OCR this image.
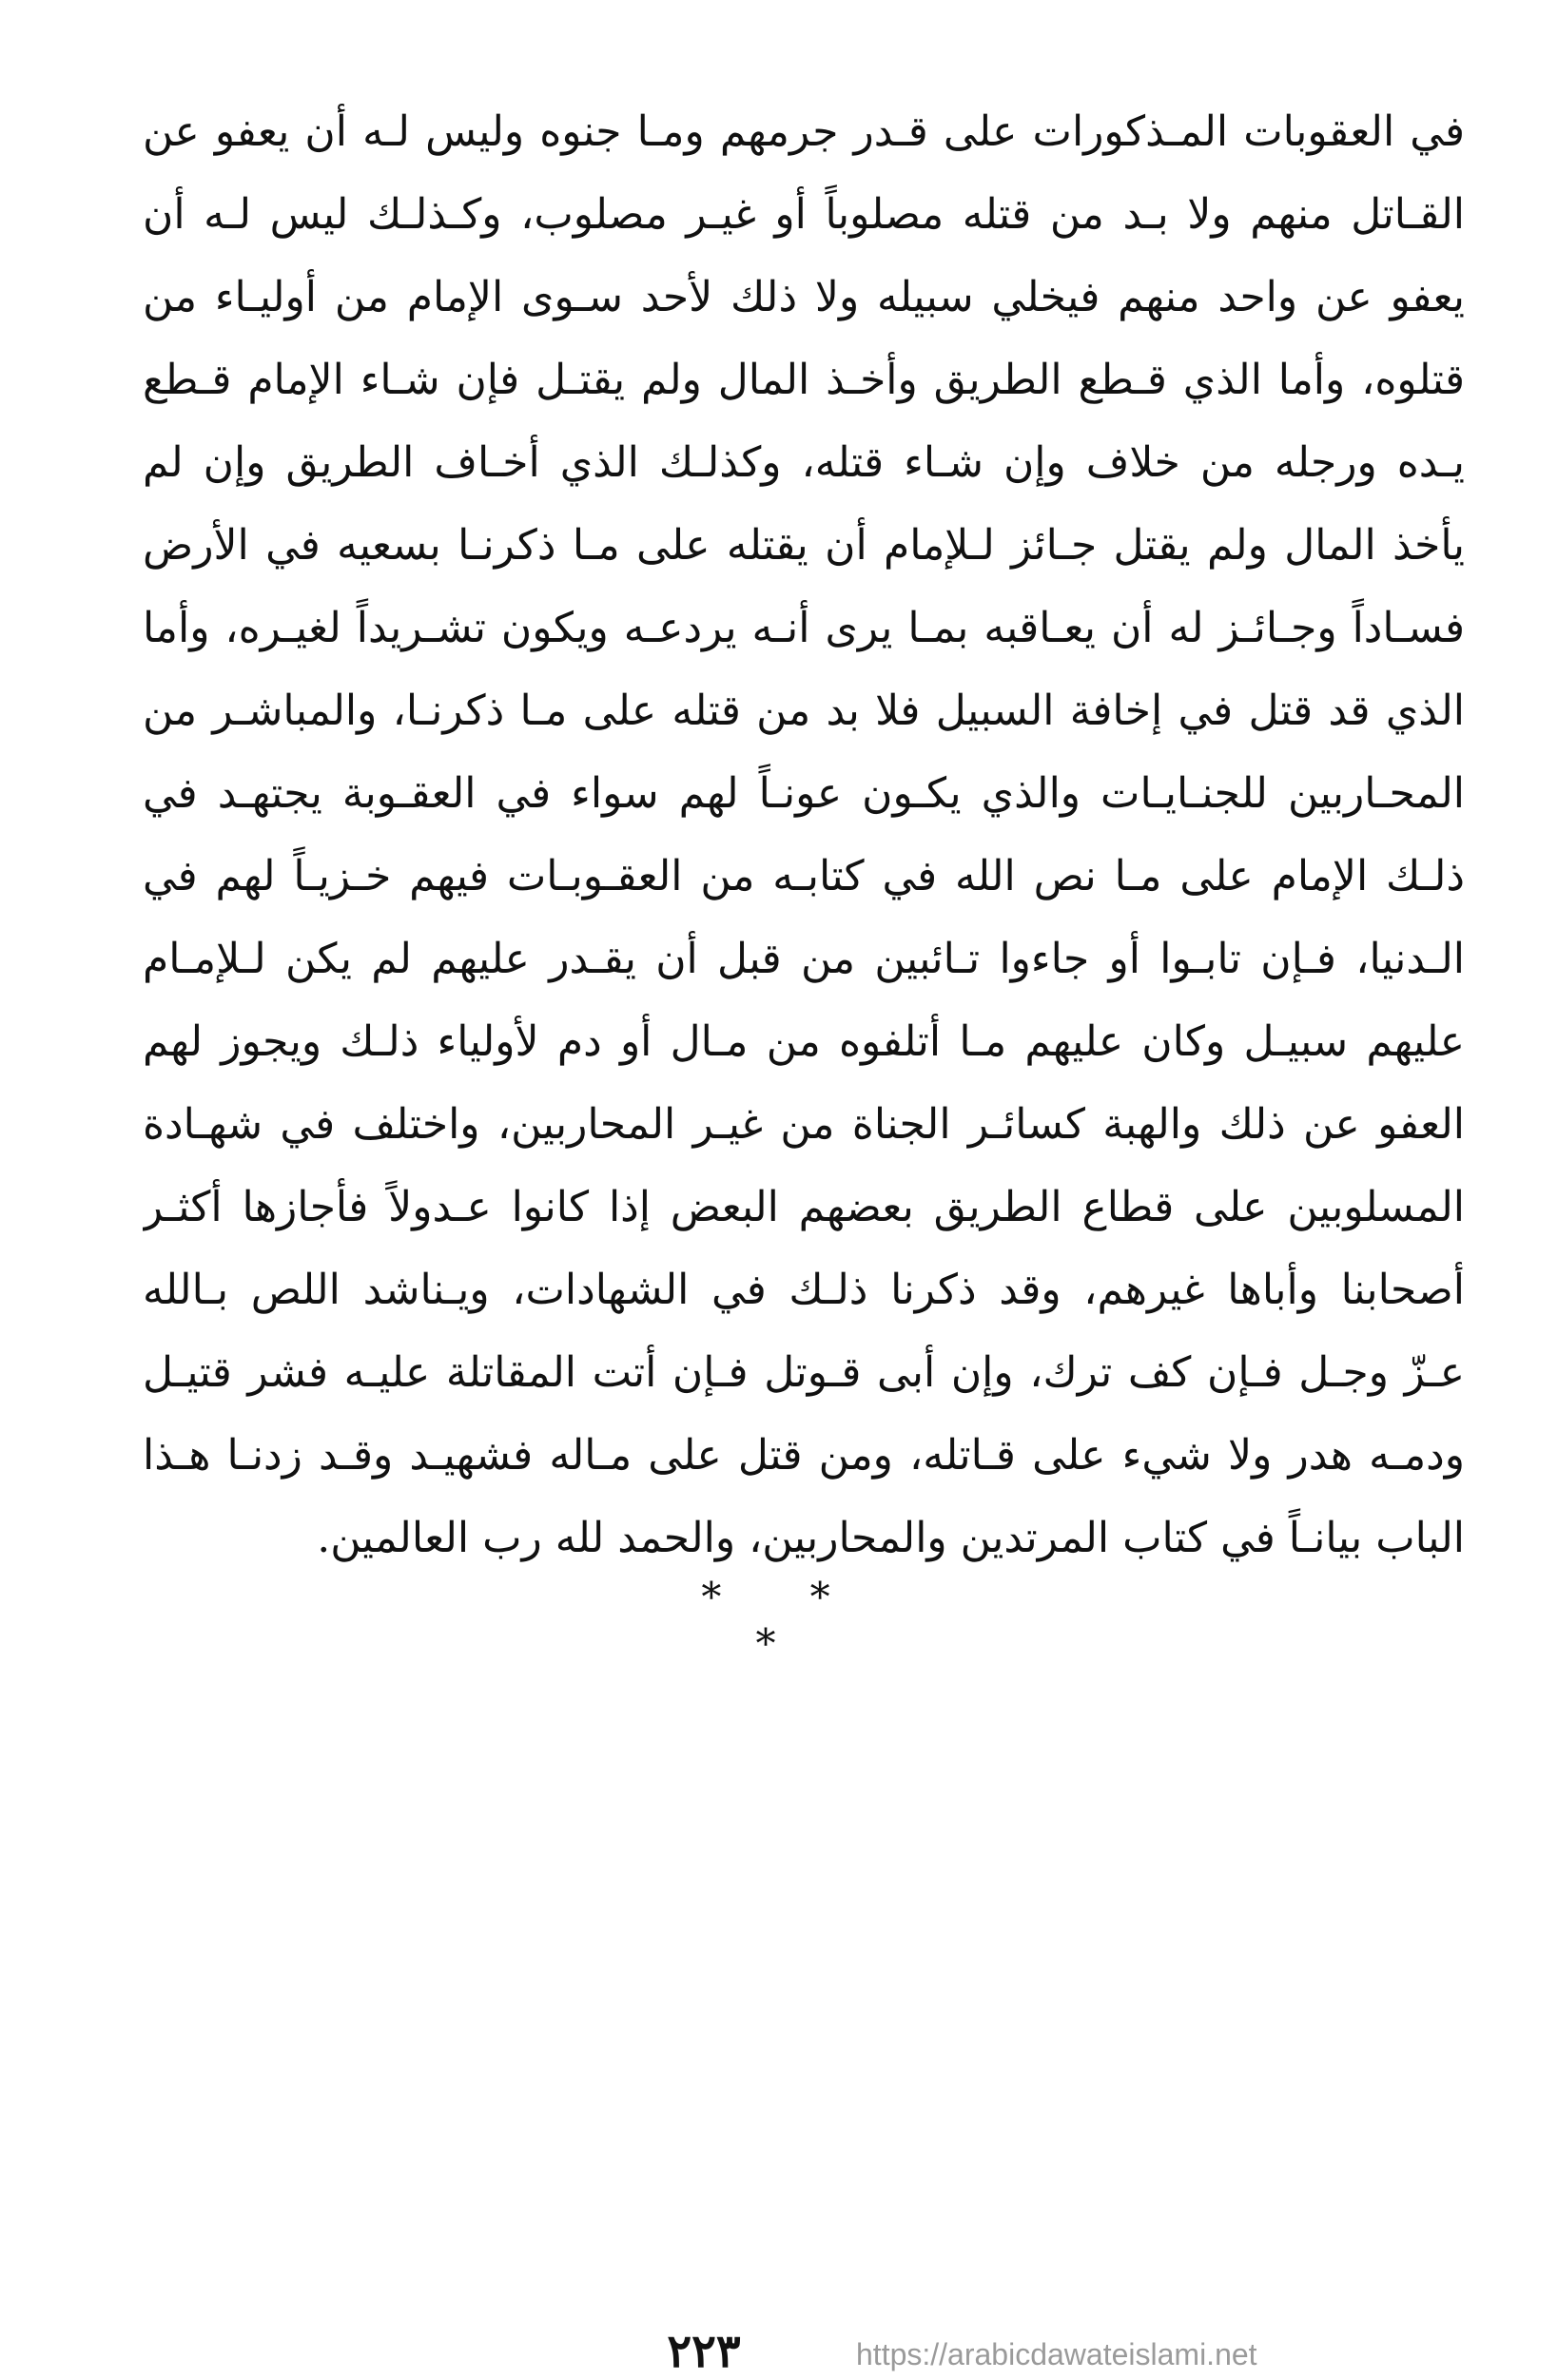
في العقوبات المـذكورات على قـدر جرمهم ومـا جنوه وليس لـه أن يعفو عن
القـاتل منهم ولا بـد من قتله مصلوباً أو غيـر مصلوب، وكـذلـك ليس لـه أن
يعفو عن واحد منهم فيخلي سبيله ولا ذلك لأحد سـوى الإمام من أوليـاء من
قتلوه، وأما الذي قـطع الطريق وأخـذ المال ولم يقتـل فإن شـاء الإمام قـطع
يـده ورجله من خلاف وإن شـاء قتله، وكذلـك الذي أخـاف الطريق وإن لم
يأخذ المال ولم يقتل جـائز لـلإمام أن يقتله على مـا ذكرنـا بسعيه في الأرض
فسـاداً وجـائـز له أن يعـاقبه بمـا يرى أنـه يردعـه ويكون تشـريداً لغيـره، وأما
الذي قد قتل في إخافة السبيل فلا بد من قتله على مـا ذكرنـا، والمباشـر من
المحـاربين للجنـايـات والذي يكـون عونـاً لهم سواء في العقـوبة يجتهـد في
ذلـك الإمام على مـا نص الله في كتابـه من العقـوبـات فيهم خـزيـاً لهم في
الـدنيا، فـإن تابـوا أو جاءوا تـائبين من قبل أن يقـدر عليهم لم يكن لـلإمـام
عليهم سبيـل وكان عليهم مـا أتلفوه من مـال أو دم لأولياء ذلـك ويجوز لهم
العفو عن ذلك والهبة كسائـر الجناة من غيـر المحاربين، واختلف في شهـادة
المسلوبين على قطاع الطريق بعضهم البعض إذا كانوا عـدولاً فأجازها أكثـر
أصحابنا وأباها غيرهم، وقد ذكرنا ذلـك في الشهادات، ويـناشد اللص بـالله
عـزّ وجـل فـإن كف ترك، وإن أبى قـوتل فـإن أتت المقاتلة عليـه فشر قتيـل
ودمـه هدر ولا شيء على قـاتله، ومن قتل على مـاله فشهيـد وقـد زدنـا هـذا
الباب بيانـاً في كتاب المرتدين والمحاربين، والحمد لله رب العالمين.
* * *
٢٢٣	https://arabicdawateislami.net
